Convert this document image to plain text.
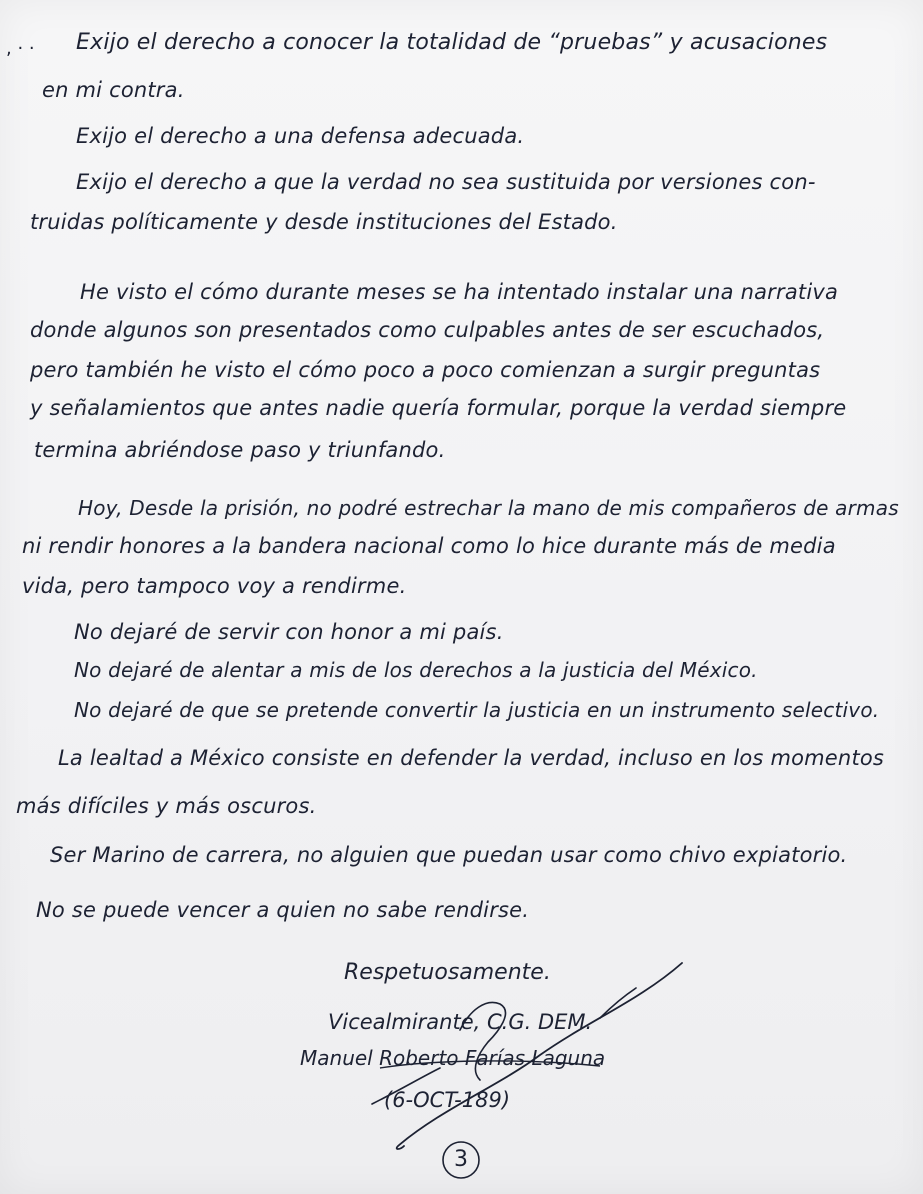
, · · Exijo el derecho a conocer la totalidad de “pruebas” y acusaciones
en mi contra.
Exijo el derecho a una defensa adecuada.
Exijo el derecho a que la verdad no sea sustituida por versiones con-
truidas políticamente y desde instituciones del Estado.
He visto el cómo durante meses se ha intentado instalar una narrativa
donde algunos son presentados como culpables antes de ser escuchados,
pero también he visto el cómo poco a poco comienzan a surgir preguntas
y señalamientos que antes nadie quería formular, porque la verdad siempre
termina abriéndose paso y triunfando.
Hoy, Desde la prisión, no podré estrechar la mano de mis compañeros de armas
ni rendir honores a la bandera nacional como lo hice durante más de media
vida, pero tampoco voy a rendirme.
No dejaré de servir con honor a mi país.
No dejaré de alentar a mis de los derechos a la justicia del México.
No dejaré de que se pretende convertir la justicia en un instrumento selectivo.
La lealtad a México consiste en defender la verdad, incluso en los momentos
más difíciles y más oscuros.
Ser Marino de carrera, no alguien que puedan usar como chivo expiatorio.
No se puede vencer a quien no sabe rendirse.
Respetuosamente.
Vicealmirante, C.G. DEM.
Manuel Roberto Farías Laguna
(6-OCT-189)
3
